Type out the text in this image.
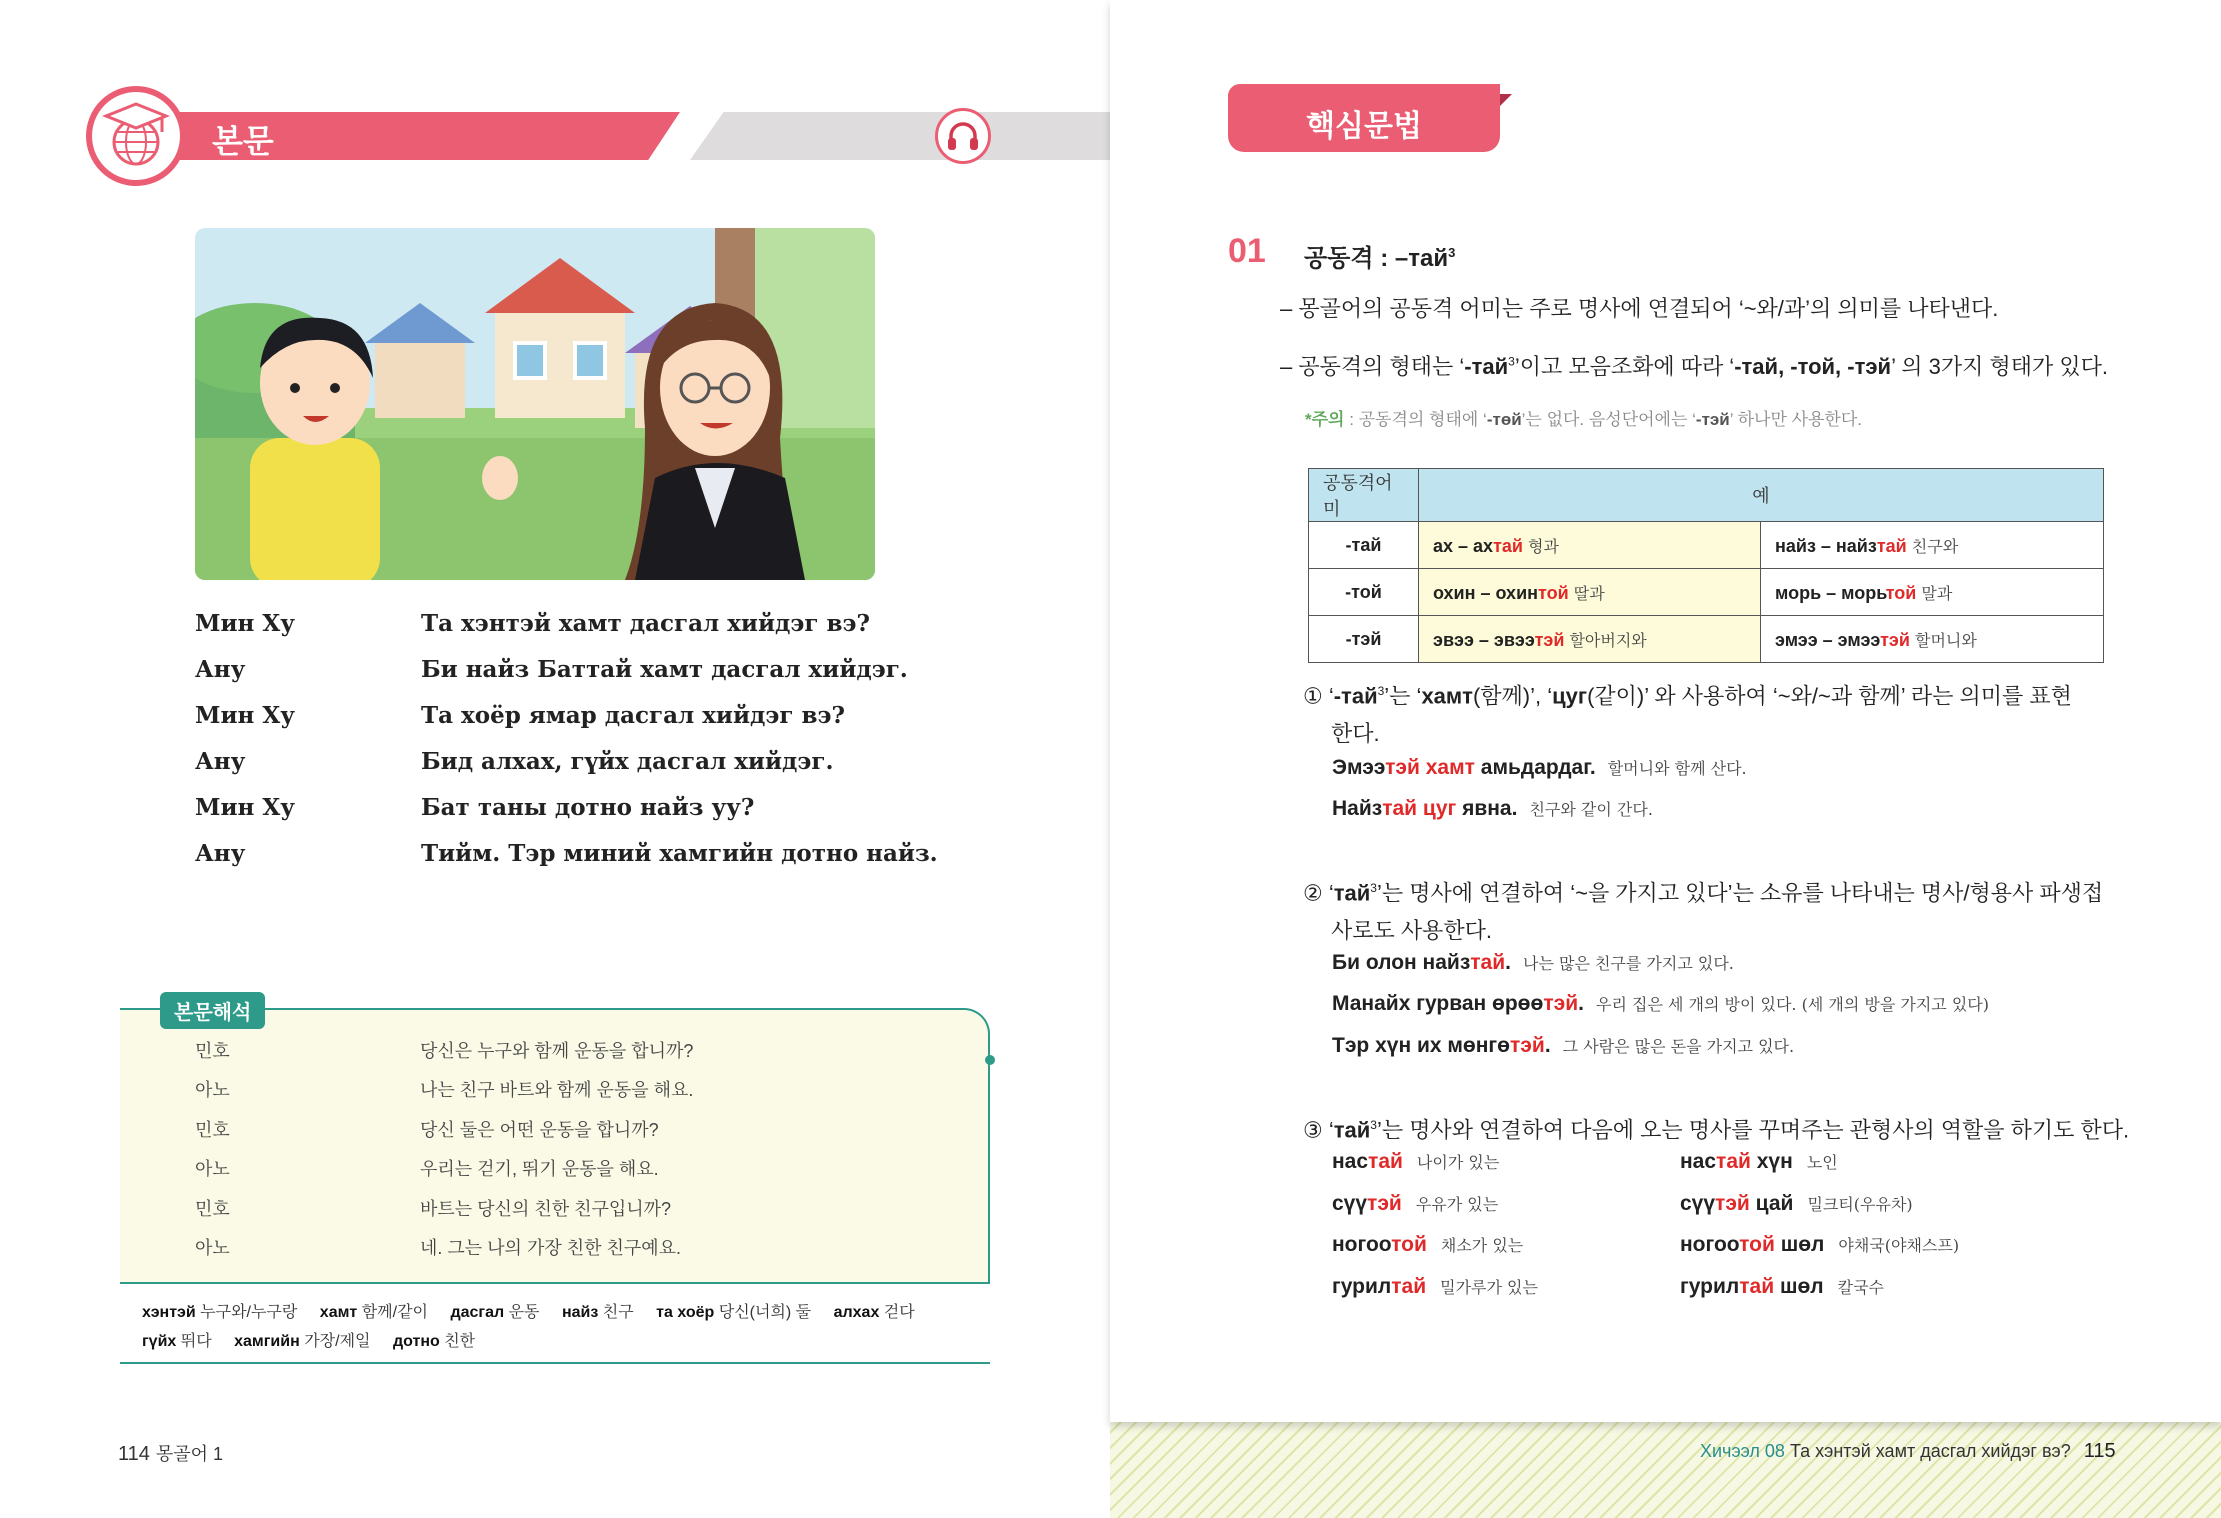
본문
Мин Ху	Та хэнтэй хамт дасгал хийдэг вэ?
Ану	Би найз Баттай хамт дасгал хийдэг.
Мин Ху	Та хоёр ямар дасгал хийдэг вэ?
Ану	Бид алхах, гүйх дасгал хийдэг.
Мин Ху	Бат таны дотно найз уу?
Ану	Тийм. Тэр миний хамгийн дотно найз.
본문해석
민호	당신은 누구와 함께 운동을 합니까?
아노	나는 친구 바트와 함께 운동을 해요.
민호	당신 둘은 어떤 운동을 합니까?
아노	우리는 걷기, 뛰기 운동을 해요.
민호	바트는 당신의 친한 친구입니까?
아노	네. 그는 나의 가장 친한 친구예요.
хэнтэй 누구와/누구랑 хамт 함께/같이 дасгал 운동 найз 친구 та хоёр 당신(너희) 둘 алхах 걷다
гүйх 뛰다 хамгийн 가장/제일 дотно 친한
114 몽골어 1
핵심문법
01 공동격 : –тай$^3$
– 몽골어의 공동격 어미는 주로 명사에 연결되어 ‘~와/과’의 의미를 나타낸다.
– 공동격의 형태는 ‘-тай$^3$’이고 모음조화에 따라 ‘-тай, -той, -тэй’ 의 3가지 형태가 있다.
*주의 : 공동격의 형태에 ‘-төй’는 없다. 음성단어에는 ‘-тэй’ 하나만 사용한다.
공동격어미	예	
-тай	ах – ахтай 형과	найз – найзтай 친구와
-той	охин – охинтой 딸과	морь – морьтой 말과
-тэй	эвээ – эвээтэй 할아버지와	эмээ – эмээтэй 할머니와
① ‘-тай$^3$’는 ‘хамт(함께)’, ‘цуг(같이)’ 와 사용하여 ‘~와/~과 함께’ 라는 의미를 표현
한다.
Эмээтэй хамт амьдардаг. 할머니와 함께 산다.
Найзтай цуг явна. 친구와 같이 간다.
② ‘тай$^3$’는 명사에 연결하여 ‘~을 가지고 있다’는 소유를 나타내는 명사/형용사 파생접
사로도 사용한다.
Би олон найзтай. 나는 많은 친구를 가지고 있다.
Манайх гурван өрөөтэй. 우리 집은 세 개의 방이 있다. (세 개의 방을 가지고 있다)
Тэр хүн их мөнгөтэй. 그 사람은 많은 돈을 가지고 있다.
③ ‘тай$^3$’는 명사와 연결하여 다음에 오는 명사를 꾸며주는 관형사의 역할을 하기도 한다.
настай 나이가 있는	настай хүн 노인
сүүтэй 우유가 있는	сүүтэй цай 밀크티(우유차)
ногоотой 채소가 있는	ногоотой шөл 야채국(야채스프)
гурилтай 밀가루가 있는	гурилтай шөл 칼국수
Хичээл 08 Та хэнтэй хамт дасгал хийдэг вэ? 115
